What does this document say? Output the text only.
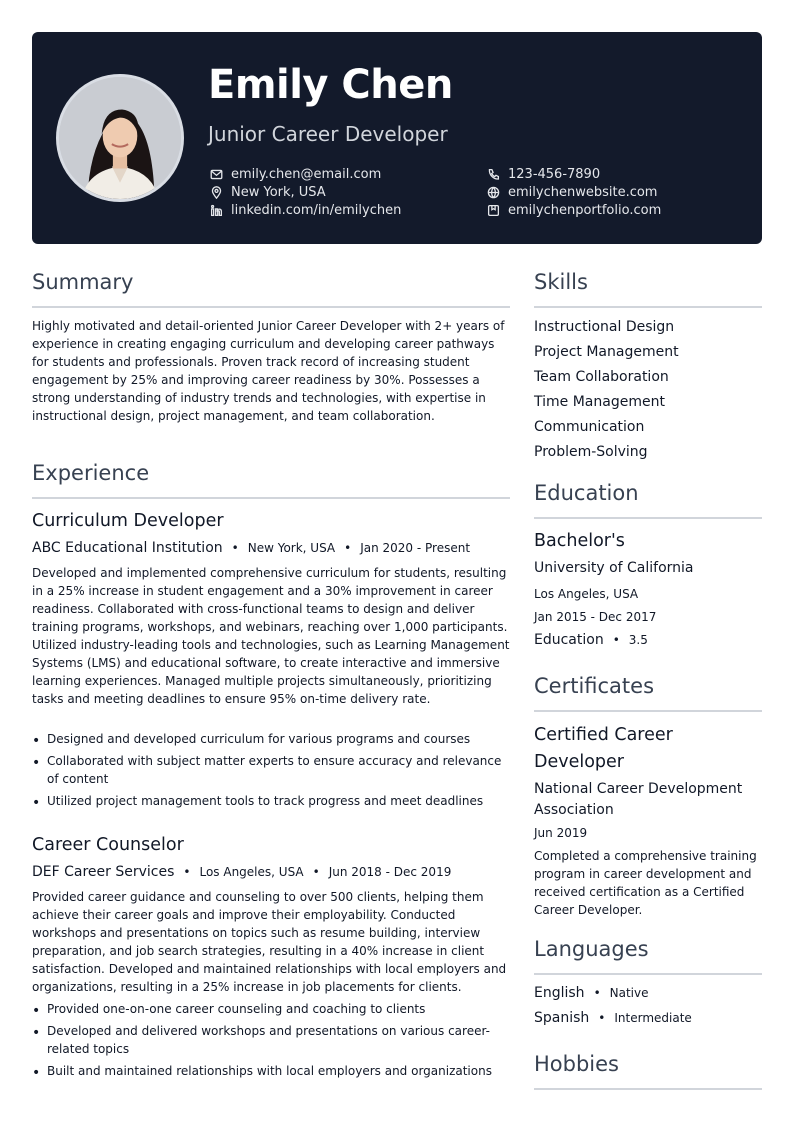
Emily Chen
Junior Career Developer
emily.chen@email.com
New York, USA
linkedin.com/in/emilychen
123-456-7890
emilychenwebsite.com
emilychenportfolio.com
Summary
Highly motivated and detail-oriented Junior Career Developer with 2+ years of experience in creating engaging curriculum and developing career pathways for students and professionals. Proven track record of increasing student engagement by 25% and improving career readiness by 30%. Possesses a strong understanding of industry trends and technologies, with expertise in instructional design, project management, and team collaboration.
Experience
Curriculum Developer
ABC Educational Institution • New York, USA • Jan 2020 - Present
Developed and implemented comprehensive curriculum for students, resulting in a 25% increase in student engagement and a 30% improvement in career readiness. Collaborated with cross-functional teams to design and deliver training programs, workshops, and webinars, reaching over 1,000 participants. Utilized industry-leading tools and technologies, such as Learning Management Systems (LMS) and educational software, to create interactive and immersive learning experiences. Managed multiple projects simultaneously, prioritizing tasks and meeting deadlines to ensure 95% on-time delivery rate.
• Designed and developed curriculum for various programs and courses
• Collaborated with subject matter experts to ensure accuracy and relevance of content
• Utilized project management tools to track progress and meet deadlines
Career Counselor
DEF Career Services • Los Angeles, USA • Jun 2018 - Dec 2019
Provided career guidance and counseling to over 500 clients, helping them achieve their career goals and improve their employability. Conducted workshops and presentations on topics such as resume building, interview preparation, and job search strategies, resulting in a 40% increase in client satisfaction. Developed and maintained relationships with local employers and organizations, resulting in a 25% increase in job placements for clients.
• Provided one-on-one career counseling and coaching to clients
• Developed and delivered workshops and presentations on various career-related topics
• Built and maintained relationships with local employers and organizations
Skills
Instructional Design
Project Management
Team Collaboration
Time Management
Communication
Problem-Solving
Education
Bachelor's
University of California
Los Angeles, USA
Jan 2015 - Dec 2017
Education • 3.5
Certificates
Certified Career Developer
National Career Development Association
Jun 2019
Completed a comprehensive training program in career development and received certification as a Certified Career Developer.
Languages
English • Native
Spanish • Intermediate
Hobbies
